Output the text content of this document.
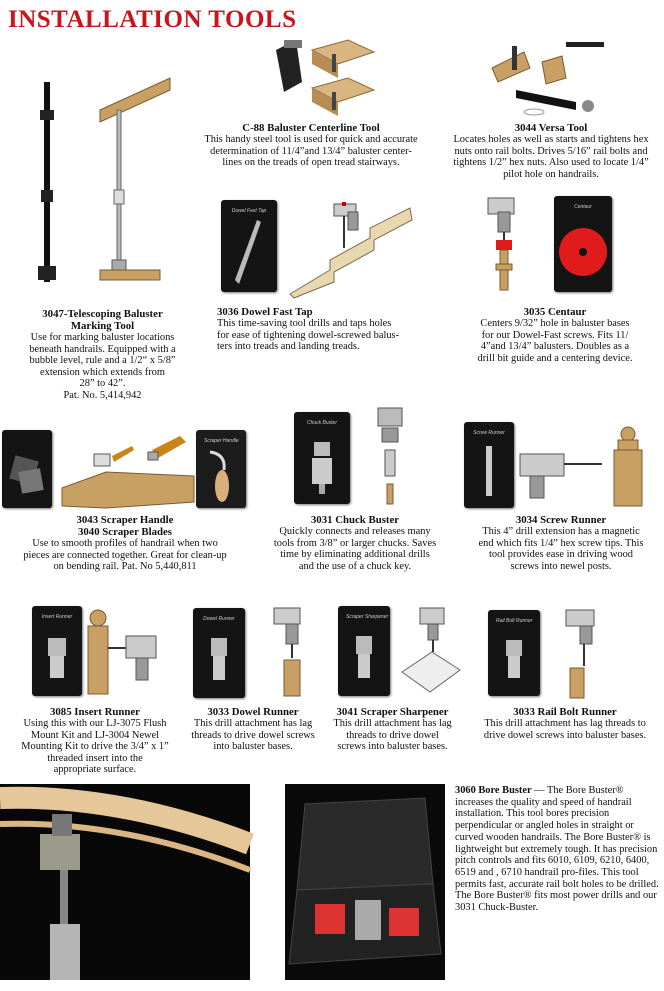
INSTALLATION TOOLS
3047-Telescoping Baluster
Marking Tool

Use for marking baluster locations

beneath handrails. Equipped with a

bubble level, rule and a 1/2“ x 5/8”

extension which extends from

28” to 42”.

Pat. No. 5,414,942

C-88 Baluster Centerline Tool

This handy steel tool is used for quick and accurate

determination of 11/4”and 13/4” baluster center-

lines on the treads of open tread stairways.

3044 Versa Tool

Locates holes as well as starts and tightens hex

nuts onto rail bolts. Drives 5/16” rail bolts and

tightens 1/2” hex nuts. Also used to locate 1/4”

pilot hole on handrails.

Dowel Fast Tap
3036 Dowel Fast Tap

This time-saving tool drills and taps holes

for ease of tightening dowel-screwed balus-

ters into treads and landing treads.

Centaur
3035 Centaur

Centers 9/32” hole in baluster bases

for our Dowel-Fast screws. Fits 11/

4”and 13/4” balusters. Doubles as a

drill bit guide and a centering device.

Scraper Handle
3043 Scraper Handle
3040 Scraper Blades

Use to smooth profiles of handrail when two

pieces are connected together. Great for clean-up

on bending rail. Pat. No 5,440,811

Chuck Buster
3031 Chuck Buster

Quickly connects and releases many

tools from 3/8” or larger chucks. Saves

time by eliminating additional drills

and the use of a chuck key.

Screw Runner
3034 Screw Runner

This 4” drill extension has a magnetic

end which fits 1/4” hex screw tips. This

tool provides ease in driving wood

screws into newel posts.

Insert Runner
3085 Insert Runner

Using this with our LJ-3075 Flush

Mount Kit and LJ-3004 Newel

Mounting Kit to drive the 3/4” x 1”

threaded insert into the

appropriate surface.

Dowel Runner
3033 Dowel Runner

This drill attachment has lag

threads to drive dowel screws

into baluster bases.

Scraper Sharpener
3041 Scraper Sharpener

This drill attachment has lag

threads to drive dowel

screws into baluster bases.

Rail Bolt Runner
3033 Rail Bolt Runner

This drill attachment has lag threads to

drive dowel screws into baluster bases.

3060 Bore Buster — The Bore Buster® increases the quality and speed of handrail installation. This tool bores precision perpendicular or angled holes in straight or curved wooden handrails. The Bore Buster® is lightweight but extremely tough. It has precision pitch controls and fits 6010, 6109, 6210, 6400, 6519 and , 6710 handrail pro-files. This tool permits fast, accurate rail bolt holes to be drilled. The Bore Buster® fits most power drills and our 3031 Chuck-Buster.
